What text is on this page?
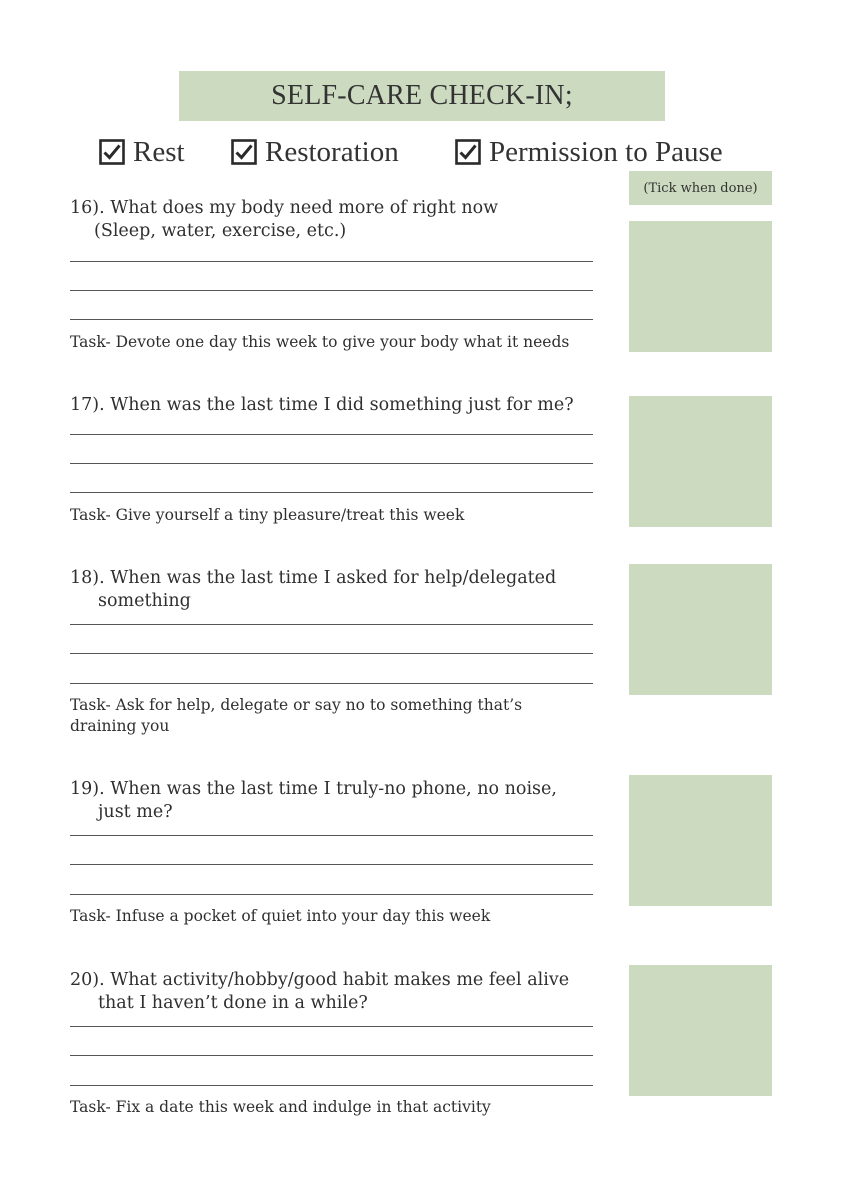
SELF-CARE CHECK-IN;
Rest	Restoration	Permission to Pause
(Tick when done)
16). What does my body need more of right now
(Sleep, water, exercise, etc.)
Task- Devote one day this week to give your body what it needs
17). When was the last time I did something just for me?
Task- Give yourself a tiny pleasure/treat this week
18). When was the last time I asked for help/delegated
something
Task- Ask for help, delegate or say no to something that’s draining you
19). When was the last time I truly-no phone, no noise,
just me?
Task- Infuse a pocket of quiet into your day this week
20). What activity/hobby/good habit makes me feel alive
that I haven’t done in a while?
Task- Fix a date this week and indulge in that activity
